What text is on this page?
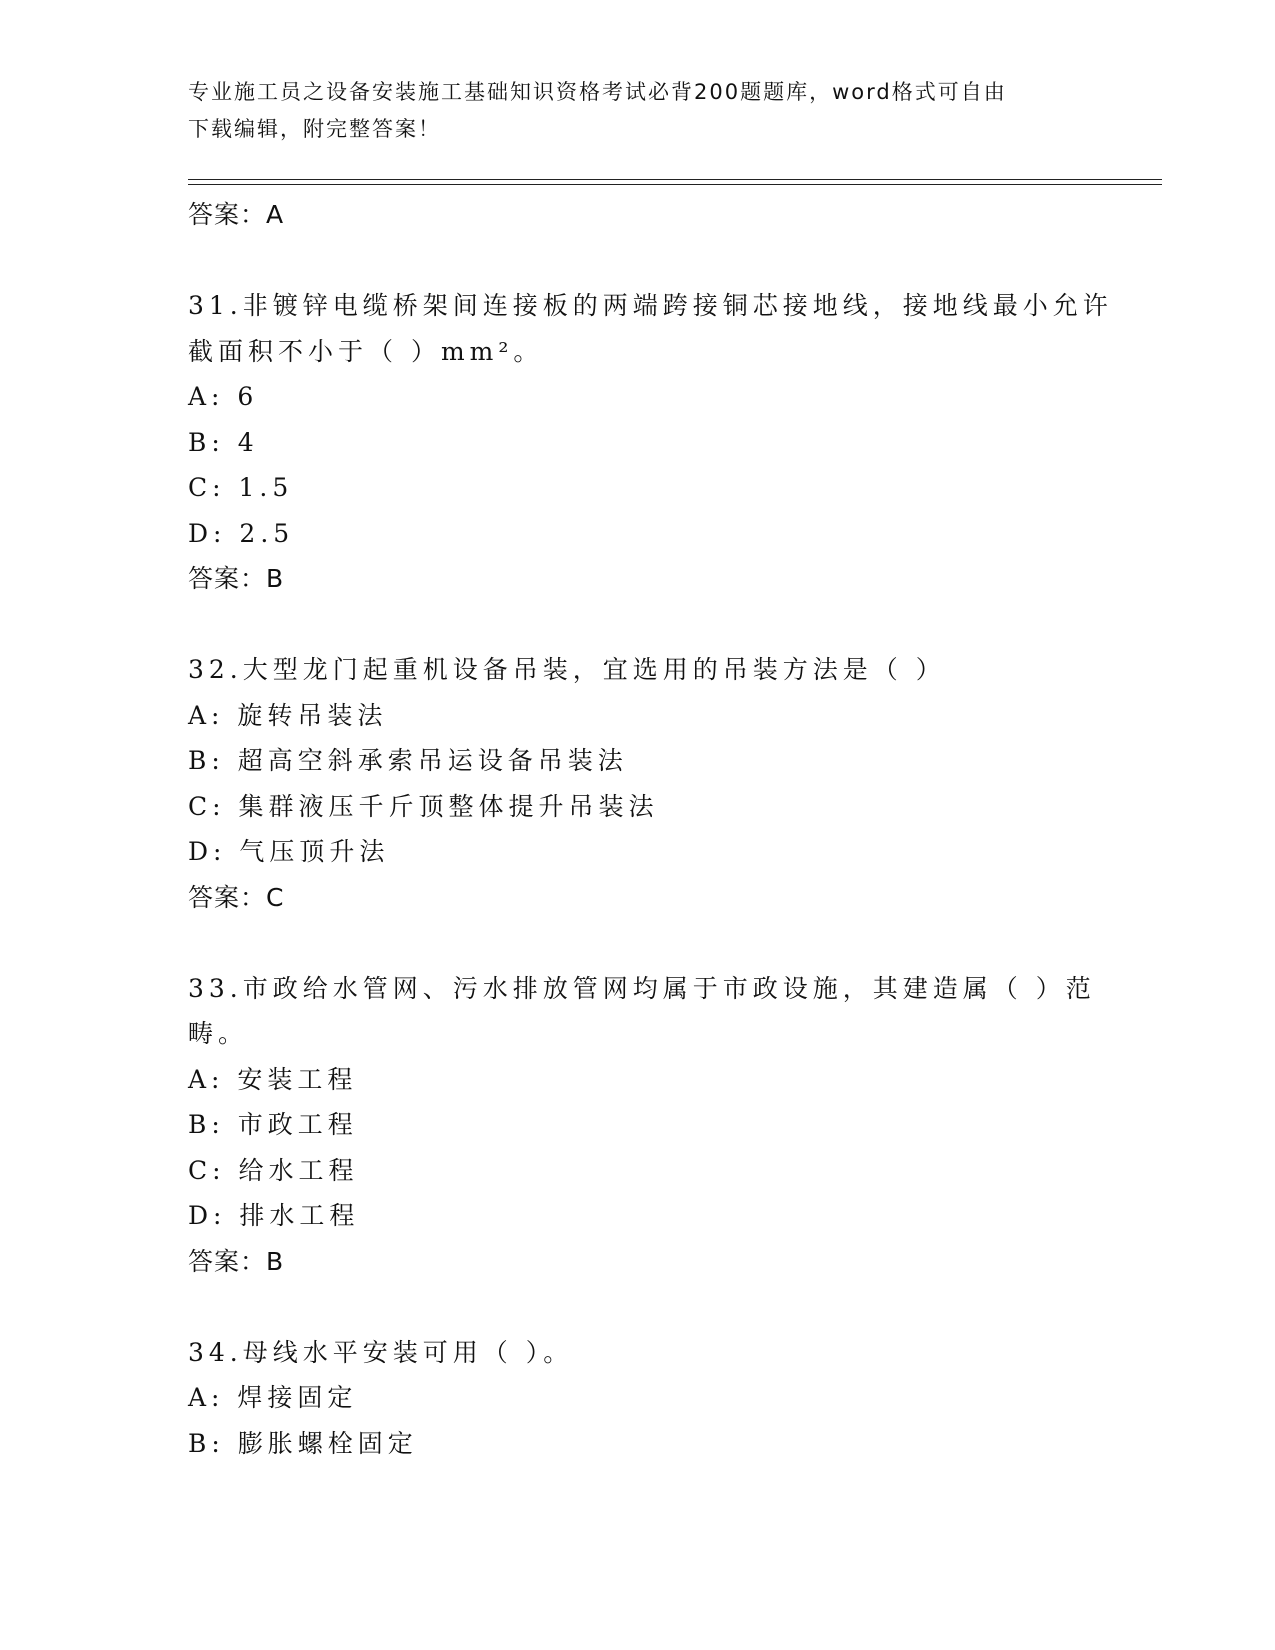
专业施工员之设备安装施工基础知识资格考试必背200题题库，word格式可自由
下载编辑，附完整答案！
答案：A
31.非镀锌电缆桥架间连接板的两端跨接铜芯接地线，接地线最小允许
截面积不小于（ ）mm²。
A: 6
B: 4
C: 1.5
D: 2.5
答案：B
32.大型龙门起重机设备吊装，宜选用的吊装方法是（ ）
A: 旋转吊装法
B: 超高空斜承索吊运设备吊装法
C: 集群液压千斤顶整体提升吊装法
D: 气压顶升法
答案：C
33.市政给水管网、污水排放管网均属于市政设施，其建造属（ ）范
畴。
A: 安装工程
B: 市政工程
C: 给水工程
D: 排水工程
答案：B
34.母线水平安装可用（ ）。
A: 焊接固定
B: 膨胀螺栓固定
